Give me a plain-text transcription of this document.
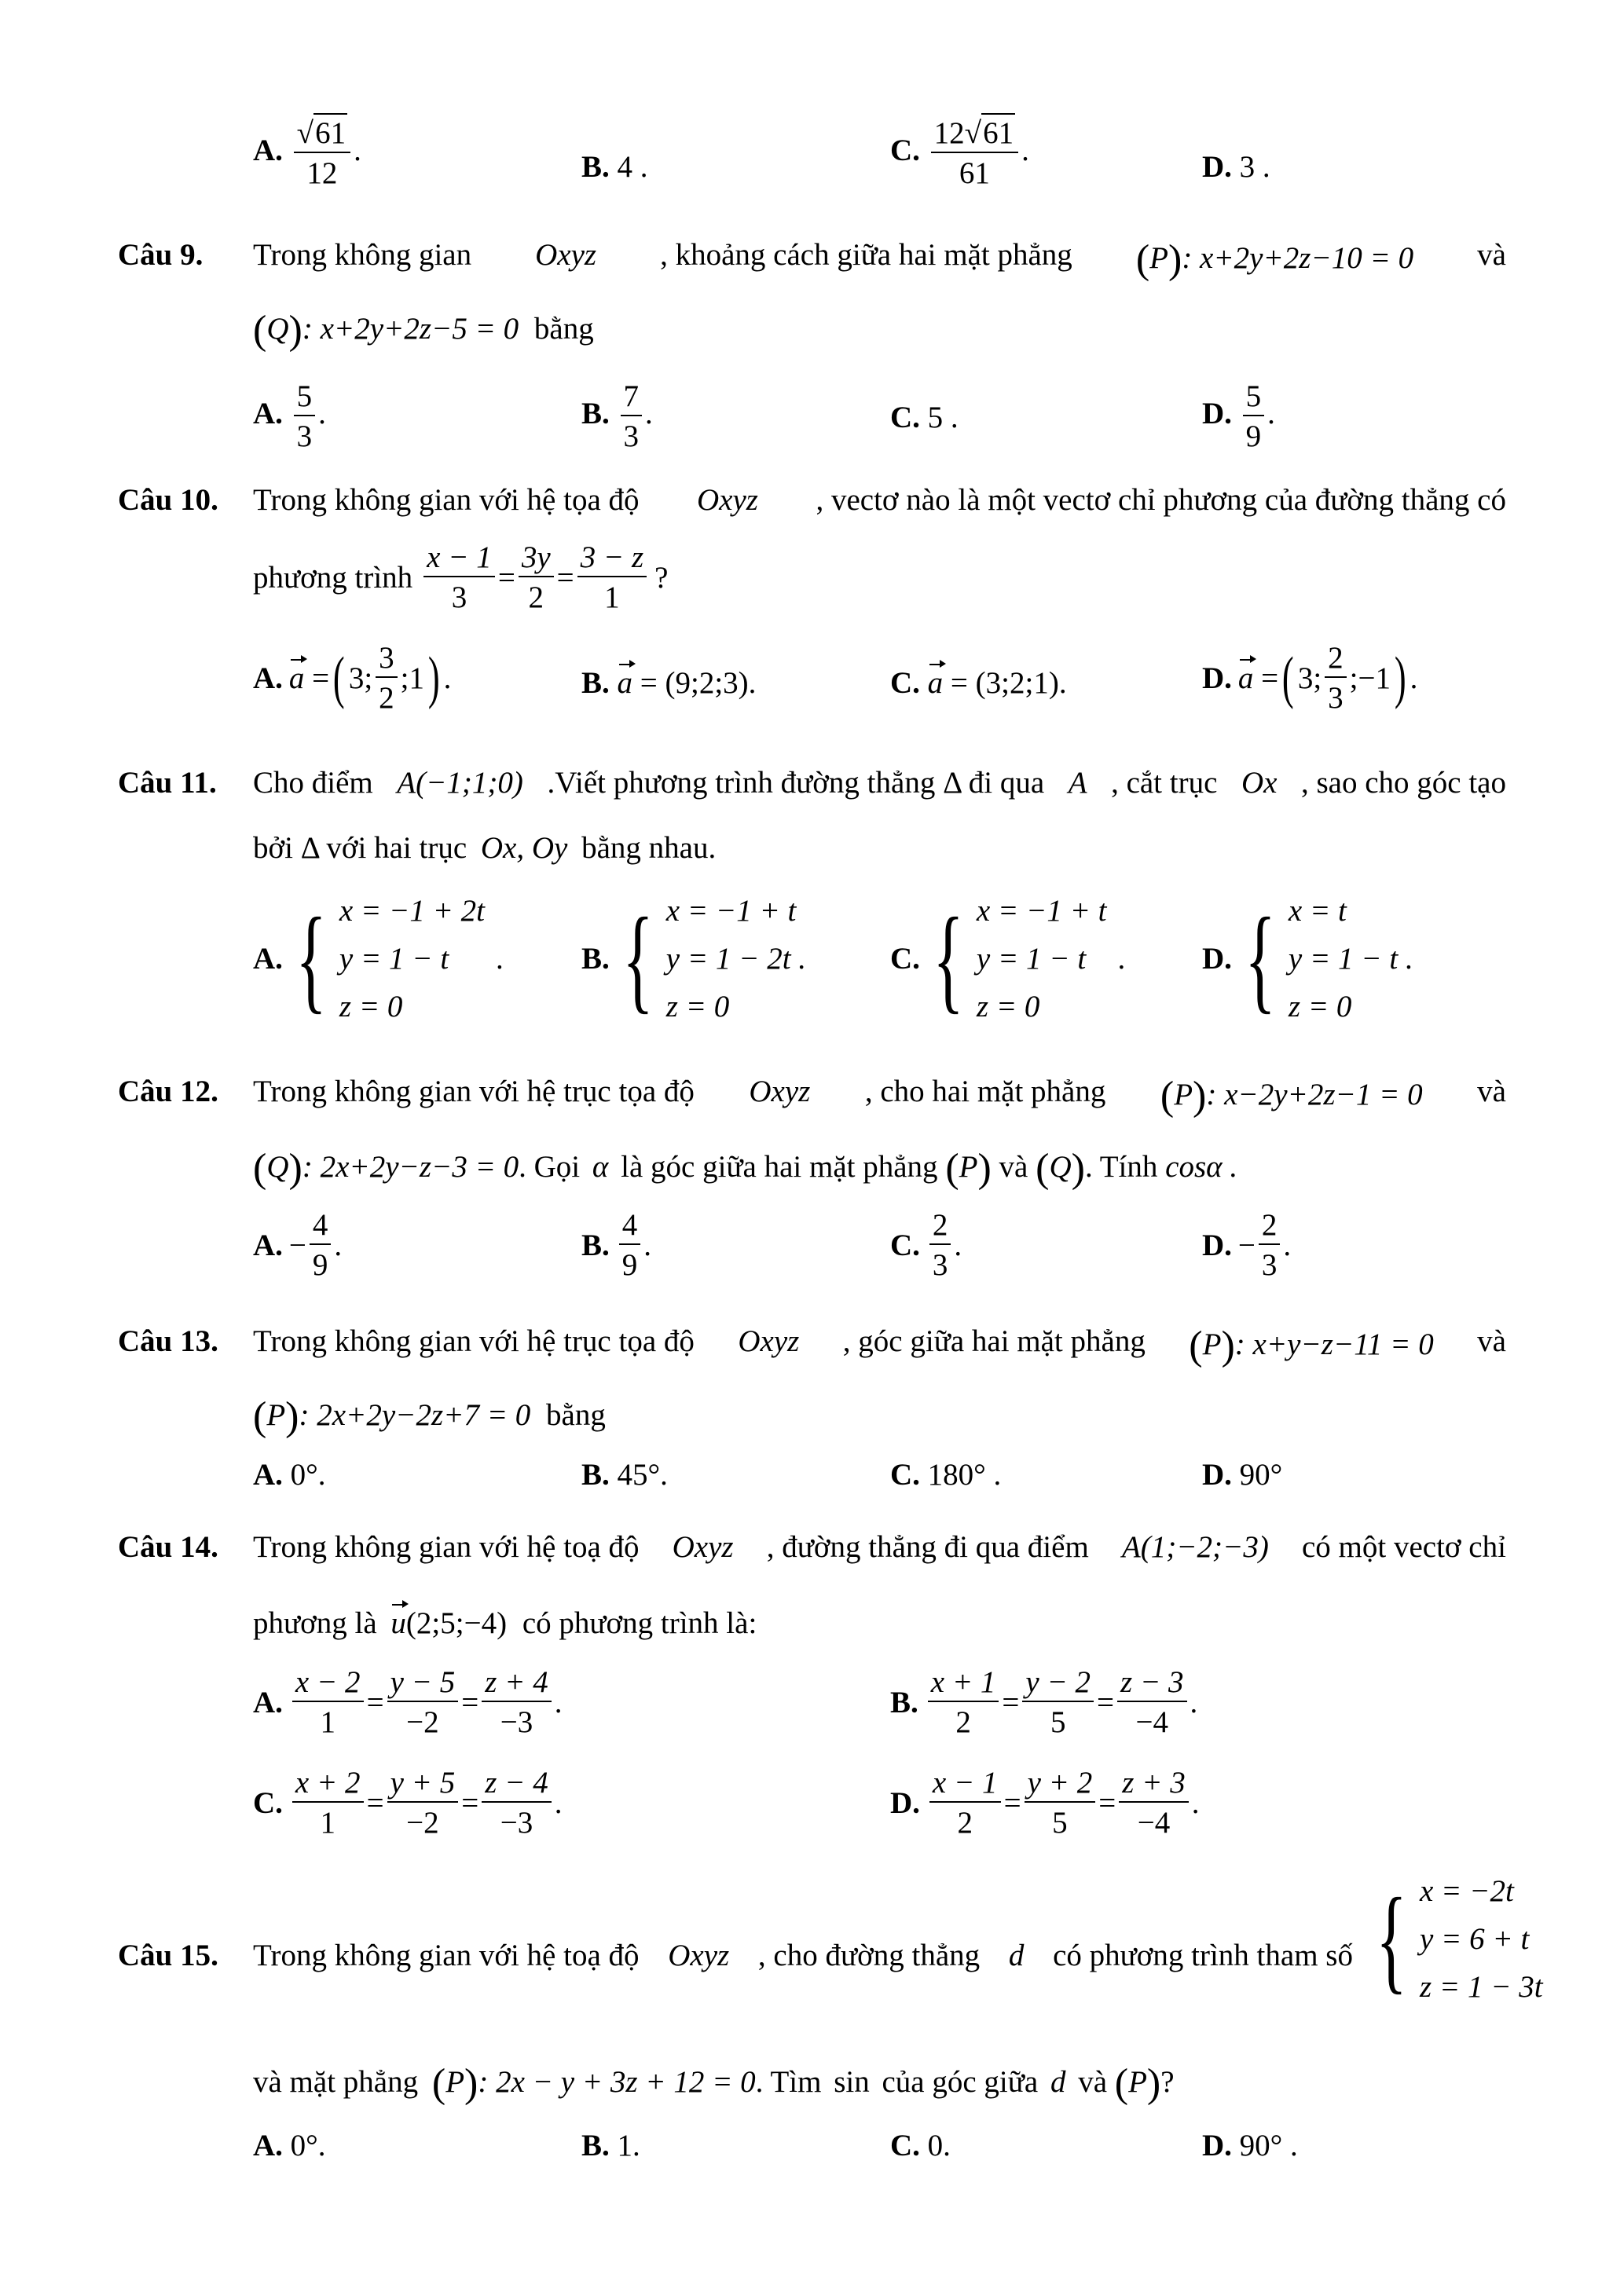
A. $\frac{√61}{12}$ .	B. 4 .	C. $\frac{12√61}{61}$ .	D. 3 .
Câu 9. Trong không gian Oxyz , khoảng cách giữa hai mặt phẳng (P): x+2y+2z−10 = 0 và
(Q): x+2y+2z−5 = 0 bằng
A. $\frac{5}{3}$ .	B. $\frac{7}{3}$ .	C. 5 .	D. $\frac{5}{9}$ .
Câu 10. Trong không gian với hệ tọa độ Oxyz , vectơ nào là một vectơ chỉ phương của đường thẳng có
phương trình $\frac{x - 1}{3} = \frac{3y}{2} = \frac{3 - z}{1}$ ?
A. a = ( 3; $\frac{3}{2}$ ;1 ) .	B. a = (9;2;3).	C. a = (3;2;1).	D. a = ( 3; $\frac{2}{3}$ ;−1 ) .
Câu 11. Cho điểm A(−1;1;0) .Viết phương trình đường thẳng Δ đi qua A , cắt trục Ox , sao cho góc tạo
bởi Δ với hai trục Ox, Oy bằng nhau.
A. { x = −1 + 2t
y = 1 − t
z = 0
.	B. { x = −1 + t
y = 1 − 2t .
z = 0
C. { x = −1 + t
y = 1 − t
z = 0
.	D. { x = t
y = 1 − t .
z = 0
Câu 12. Trong không gian với hệ trục tọa độ Oxyz , cho hai mặt phẳng (P): x−2y+2z−1 = 0 và
(Q): 2x+2y−z−3 = 0. Gọi α là góc giữa hai mặt phẳng (P) và (Q). Tính cosα .
A. − $\frac{4}{9}$ .	B. $\frac{4}{9}$ .	C. $\frac{2}{3}$ .	D. − $\frac{2}{3}$ .
Câu 13. Trong không gian với hệ trục tọa độ Oxyz , góc giữa hai mặt phẳng (P): x+y−z−11 = 0 và
(P): 2x+2y−2z+7 = 0 bằng
A. 0°.	B. 45°.	C. 180° .	D. 90°
Câu 14. Trong không gian với hệ toạ độ Oxyz , đường thẳng đi qua điểm A(1;−2;−3) có một vectơ chỉ
phương là u(2;5;−4) có phương trình là:
A. $\frac{x - 2}{1} = \frac{y - 5}{-2} = \frac{z + 4}{-3}$ .	B. $\frac{x + 1}{2} = \frac{y - 2}{5} = \frac{z - 3}{-4}$ .
C. $\frac{x + 2}{1} = \frac{y + 5}{-2} = \frac{z - 4}{-3}$ .	D. $\frac{x - 1}{2} = \frac{y + 2}{5} = \frac{z + 3}{-4}$ .
Câu 15. Trong không gian với hệ toạ độ Oxyz , cho đường thẳng d có phương trình tham số { x = −2t
y = 6 + t
z = 1 − 3t
và mặt phẳng (P): 2x − y + 3z + 12 = 0. Tìm sin của góc giữa d và (P)?
A. 0°.	B. 1.	C. 0.	D. 90° .
